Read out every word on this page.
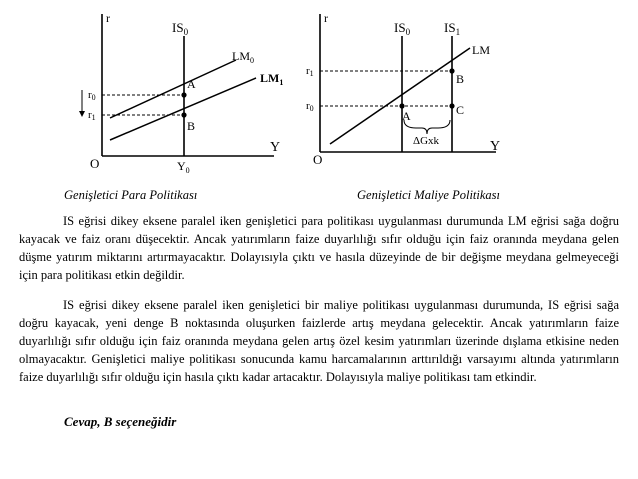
r
Y
O
$IS_0$
$LM_0$
$LM_1$
r0
r1
$Y_0$
A
B
r
Y
O
$IS_0$	$IS_1$
LM
r1
r0
A
B
C
ΔGxk
Genişletici Para Politikası	Genişletici Maliye Politikası

IS eğrisi dikey eksene paralel iken genişletici para politikası uygulanması durumunda LM eğrisi sağa doğru kayacak ve faiz oranı düşecektir. Ancak yatırımların faize duyarlılığı sıfır olduğu için faiz oranında meydana gelen düşme yatırım miktarını artırmayacaktır. Dolayısıyla çıktı ve hasıla düzeyinde de bir değişme meydana gelmeyeceği için para politikası etkin değildir.

IS eğrisi dikey eksene paralel iken genişletici bir maliye politikası uygulanması durumunda, IS eğrisi sağa doğru kayacak, yeni denge B noktasında oluşurken faizlerde artış meydana gelecektir. Ancak yatırımların faize duyarlılığı sıfır olduğu için faiz oranında meydana gelen artış özel kesim yatırımları üzerinde dışlama etkisine neden olmayacaktır. Genişletici maliye politikası sonucunda kamu harcamalarının arttırıldığı varsayımı altında yatırımların faize duyarlılığı sıfır olduğu için hasıla çıktı kadar artacaktır. Dolayısıyla maliye politikası tam etkindir.

Cevap, B seçeneğidir
